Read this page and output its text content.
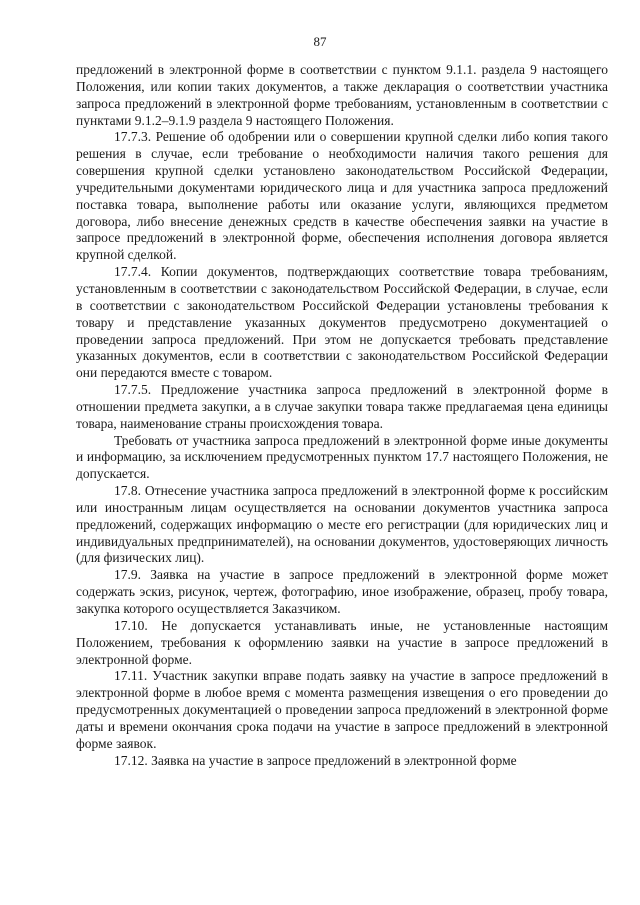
87

предложений в электронной форме в соответствии с пунктом 9.1.1. раздела 9 настоящего Положения, или копии таких документов, а также декларация о соответствии участника запроса предложений в электронной форме требованиям, установленным в соответствии с пунктами 9.1.2–9.1.9 раздела 9 настоящего Положения.

17.7.3. Решение об одобрении или о совершении крупной сделки либо копия такого решения в случае, если требование о необходимости наличия такого решения для совершения крупной сделки установлено законодательством Российской Федерации, учредительными документами юридического лица и для участника запроса предложений поставка товара, выполнение работы или оказание услуги, являющихся предметом договора, либо внесение денежных средств в качестве обеспечения заявки на участие в запросе предложений в электронной форме, обеспечения исполнения договора является крупной сделкой.

17.7.4. Копии документов, подтверждающих соответствие товара требованиям, установленным в соответствии с законодательством Российской Федерации, в случае, если в соответствии с законодательством Российской Федерации установлены требования к товару и представление указанных документов предусмотрено документацией о проведении запроса предложений. При этом не допускается требовать представление указанных документов, если в соответствии с законодательством Российской Федерации они передаются вместе с товаром.

17.7.5. Предложение участника запроса предложений в электронной форме в отношении предмета закупки, а в случае закупки товара также предлагаемая цена единицы товара, наименование страны происхождения товара.

Требовать от участника запроса предложений в электронной форме иные документы и информацию, за исключением предусмотренных пунктом 17.7 настоящего Положения, не допускается.

17.8. Отнесение участника запроса предложений в электронной форме к российским или иностранным лицам осуществляется на основании документов участника запроса предложений, содержащих информацию о месте его регистрации (для юридических лиц и индивидуальных предпринимателей), на основании документов, удостоверяющих личность (для физических лиц).

17.9. Заявка на участие в запросе предложений в электронной форме может содержать эскиз, рисунок, чертеж, фотографию, иное изображение, образец, пробу товара, закупка которого осуществляется Заказчиком.

17.10. Не допускается устанавливать иные, не установленные настоящим Положением, требования к оформлению заявки на участие в запросе предложений в электронной форме.

17.11. Участник закупки вправе подать заявку на участие в запросе предложений в электронной форме в любое время с момента размещения извещения о его проведении до предусмотренных документацией о проведении запроса предложений в электронной форме даты и времени окончания срока подачи на участие в запросе предложений в электронной форме заявок.

17.12. Заявка на участие в запросе предложений в электронной форме
